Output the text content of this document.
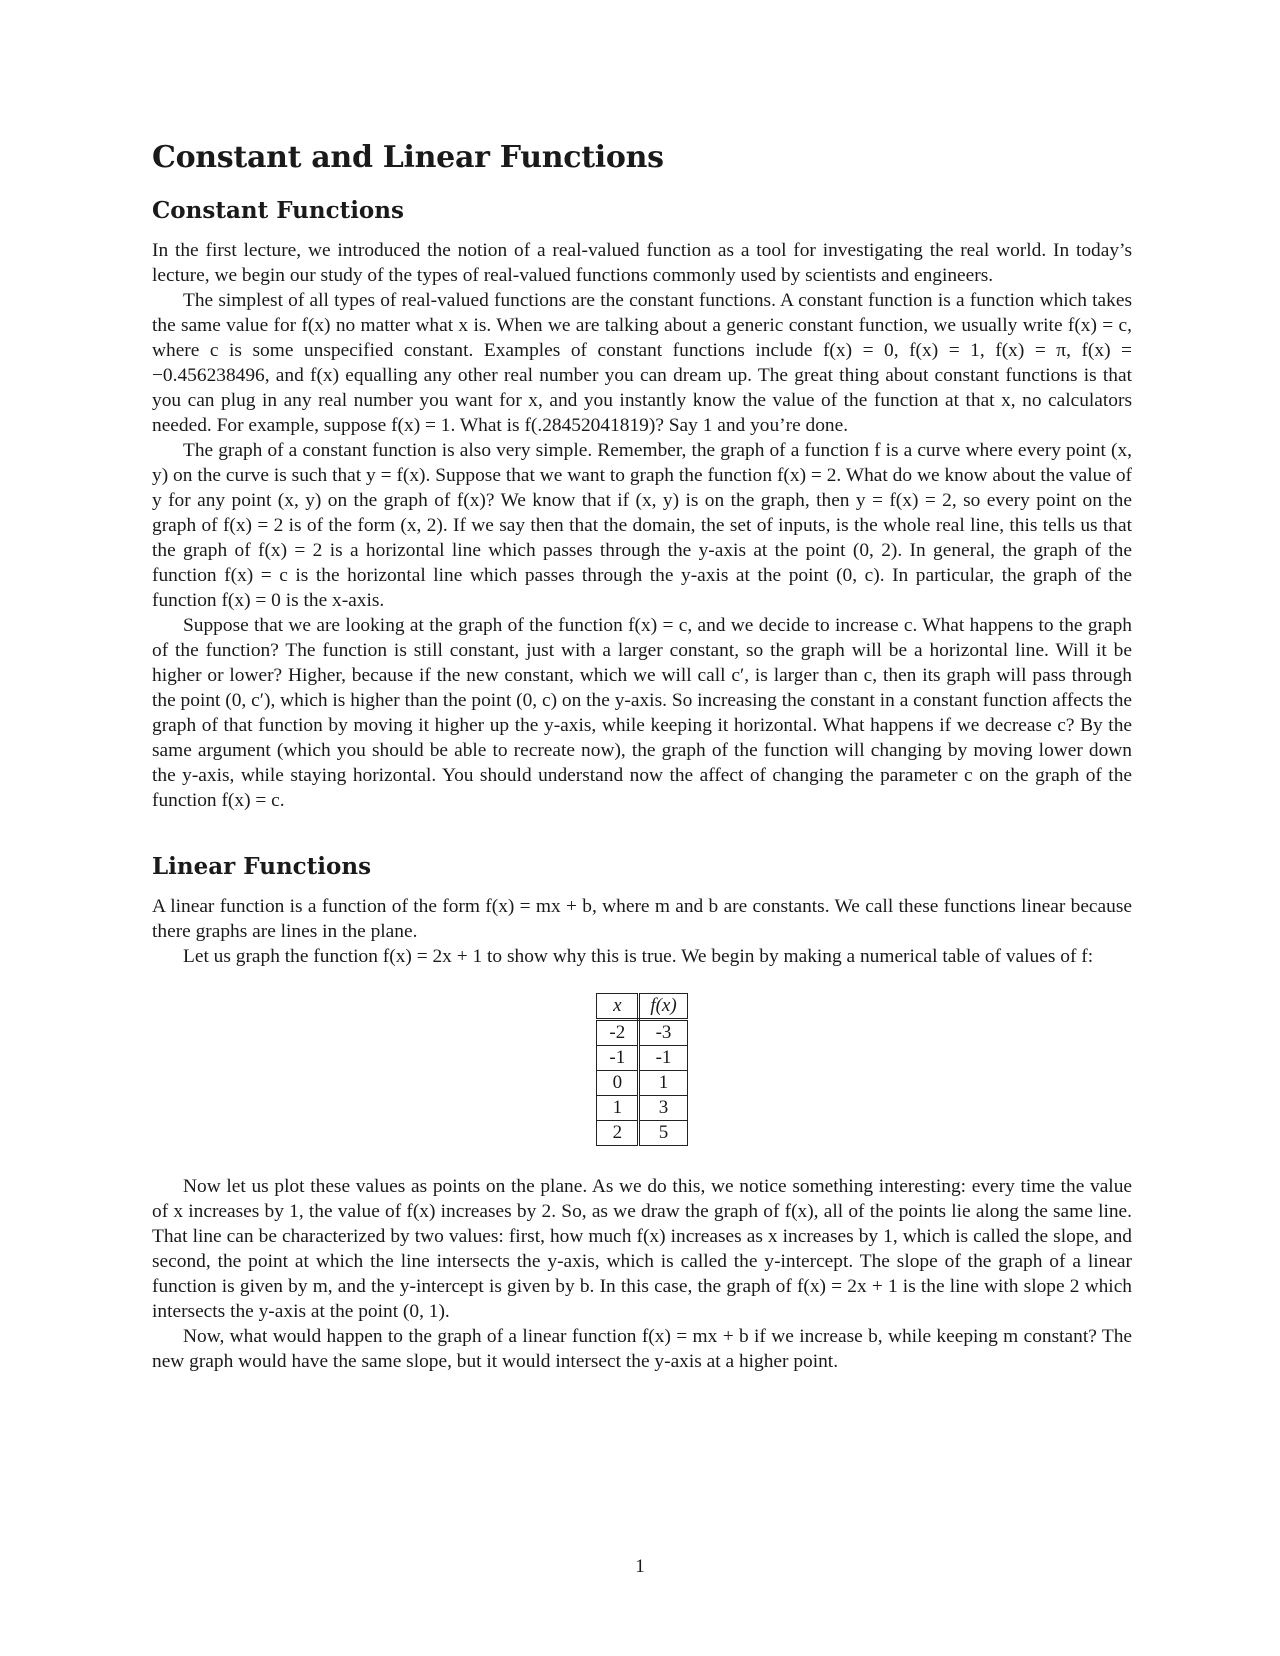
Constant and Linear Functions
Constant Functions

In the first lecture, we introduced the notion of a real-valued function as a tool for investigating the real world. In today’s lecture, we begin our study of the types of real-valued functions commonly used by scientists and engineers.

The simplest of all types of real-valued functions are the constant functions. A constant function is a function which takes the same value for f(x) no matter what x is. When we are talking about a generic constant function, we usually write f(x) = c, where c is some unspecified constant. Examples of constant functions include f(x) = 0, f(x) = 1, f(x) = π, f(x) = −0.456238496, and f(x) equalling any other real number you can dream up. The great thing about constant functions is that you can plug in any real number you want for x, and you instantly know the value of the function at that x, no calculators needed. For example, suppose f(x) = 1. What is f(.28452041819)? Say 1 and you’re done.

The graph of a constant function is also very simple. Remember, the graph of a function f is a curve where every point (x, y) on the curve is such that y = f(x). Suppose that we want to graph the function f(x) = 2. What do we know about the value of y for any point (x, y) on the graph of f(x)? We know that if (x, y) is on the graph, then y = f(x) = 2, so every point on the graph of f(x) = 2 is of the form (x, 2). If we say then that the domain, the set of inputs, is the whole real line, this tells us that the graph of f(x) = 2 is a horizontal line which passes through the y-axis at the point (0, 2). In general, the graph of the function f(x) = c is the horizontal line which passes through the y-axis at the point (0, c). In particular, the graph of the function f(x) = 0 is the x-axis.

Suppose that we are looking at the graph of the function f(x) = c, and we decide to increase c. What happens to the graph of the function? The function is still constant, just with a larger constant, so the graph will be a horizontal line. Will it be higher or lower? Higher, because if the new constant, which we will call c′, is larger than c, then its graph will pass through the point (0, c′), which is higher than the point (0, c) on the y-axis. So increasing the constant in a constant function affects the graph of that function by moving it higher up the y-axis, while keeping it horizontal. What happens if we decrease c? By the same argument (which you should be able to recreate now), the graph of the function will changing by moving lower down the y-axis, while staying horizontal. You should understand now the affect of changing the parameter c on the graph of the function f(x) = c.

Linear Functions

A linear function is a function of the form f(x) = mx + b, where m and b are constants. We call these functions linear because there graphs are lines in the plane.

Let us graph the function f(x) = 2x + 1 to show why this is true. We begin by making a numerical table of values of f:

x	f(x)
-2	-3
-1	-1
0	1
1	3
2	5

Now let us plot these values as points on the plane. As we do this, we notice something interesting: every time the value of x increases by 1, the value of f(x) increases by 2. So, as we draw the graph of f(x), all of the points lie along the same line. That line can be characterized by two values: first, how much f(x) increases as x increases by 1, which is called the slope, and second, the point at which the line intersects the y-axis, which is called the y-intercept. The slope of the graph of a linear function is given by m, and the y-intercept is given by b. In this case, the graph of f(x) = 2x + 1 is the line with slope 2 which intersects the y-axis at the point (0, 1).

Now, what would happen to the graph of a linear function f(x) = mx + b if we increase b, while keeping m constant? The new graph would have the same slope, but it would intersect the y-axis at a higher point.

1
